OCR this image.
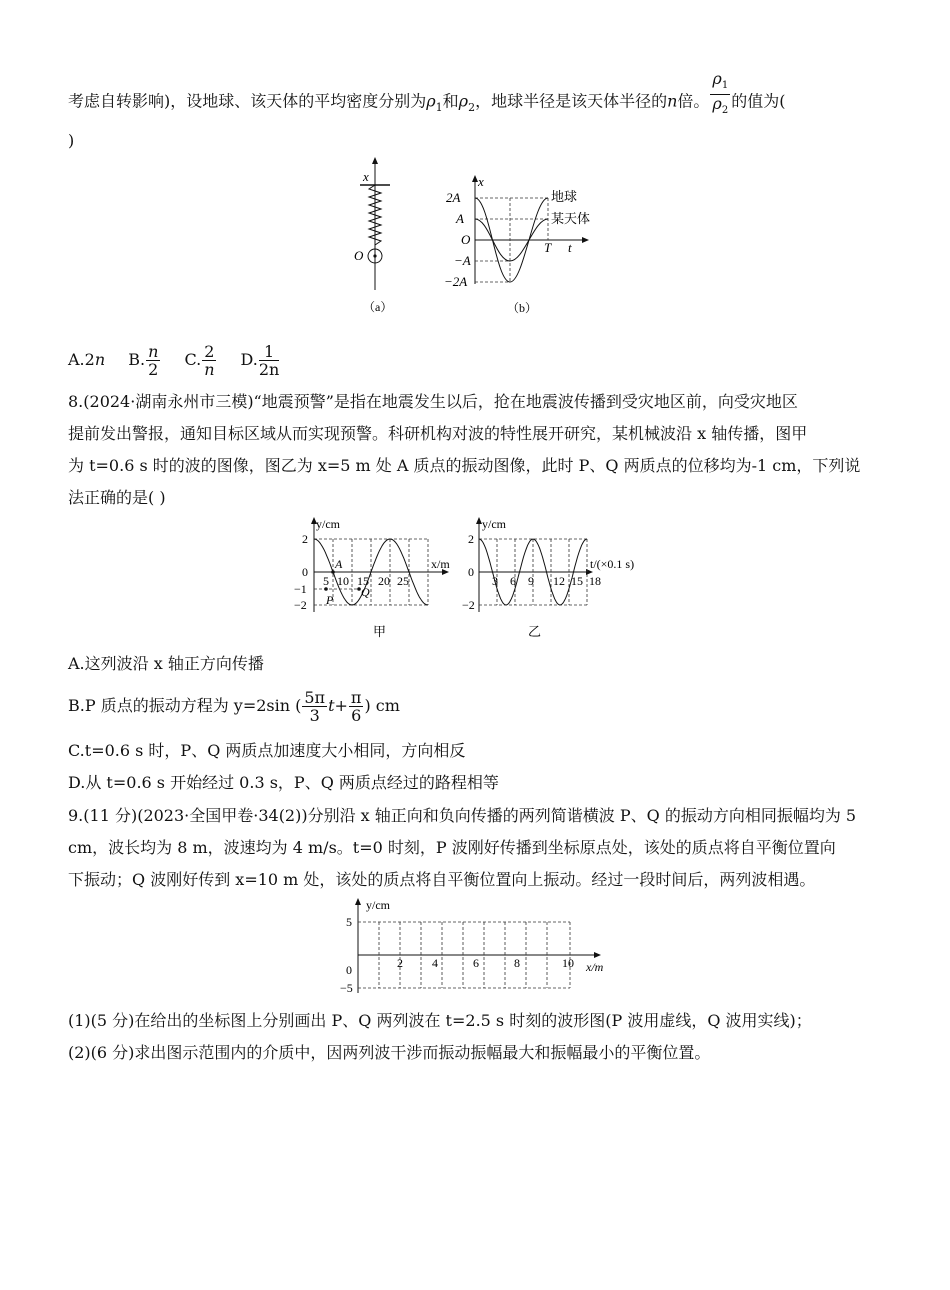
考虑自转影响)，设地球、该天体的平均密度分别为$\rho_1$和$\rho_2$，地球半径是该天体半径的n倍。 $\frac{\rho_1}{\rho_2}$ 的值为(
)
x
O
（a）
2A
A
−A
−2A
O
x
T t
地球
某天体
（b）
A.2n B. $\frac{n}{2} C$. $\frac{2}{n} D$. $\frac{1}{2n}$
8.(2024·湖南永州市三模)“地震预警”是指在地震发生以后，抢在地震波传播到受灾地区前，向受灾地区
提前发出警报，通知目标区域从而实现预警。科研机构对波的特性展开研究，某机械波沿 x 轴传播，图甲
为 t=0.6 s 时的波的图像，图乙为 x=5 m 处 A 质点的振动图像，此时 P、Q 两质点的位移均为-1 cm，下列说
法正确的是( )
y/cm
x/m
2
0
−1
−2
5 10 15 20 25
A
P
Q
甲
y/cm
t/(×0.1 s)
2
0
−2
3 6 9 12 15 18
乙
A.这列波沿 x 轴正方向传播
B.P 质点的振动方程为 y=2sin ( $\frac{5\pi}{3} t+ \frac{\pi}{6}$ ) cm
C.t=0.6 s 时，P、Q 两质点加速度大小相同，方向相反
D.从 t=0.6 s 开始经过 0.3 s，P、Q 两质点经过的路程相等
9.(11 分)(2023·全国甲卷·34(2))分别沿 x 轴正向和负向传播的两列简谐横波 P、Q 的振动方向相同振幅均为 5
cm，波长均为 8 m，波速均为 4 m/s。t=0 时刻，P 波刚好传播到坐标原点处，该处的质点将自平衡位置向
下振动；Q 波刚好传到 x=10 m 处，该处的质点将自平衡位置向上振动。经过一段时间后，两列波相遇。
y/cm
x/m
5
0
−5
2 4	6	8	10
(1)(5 分)在给出的坐标图上分别画出 P、Q 两列波在 t=2.5 s 时刻的波形图(P 波用虚线，Q 波用实线)；
(2)(6 分)求出图示范围内的介质中，因两列波干涉而振动振幅最大和振幅最小的平衡位置。
